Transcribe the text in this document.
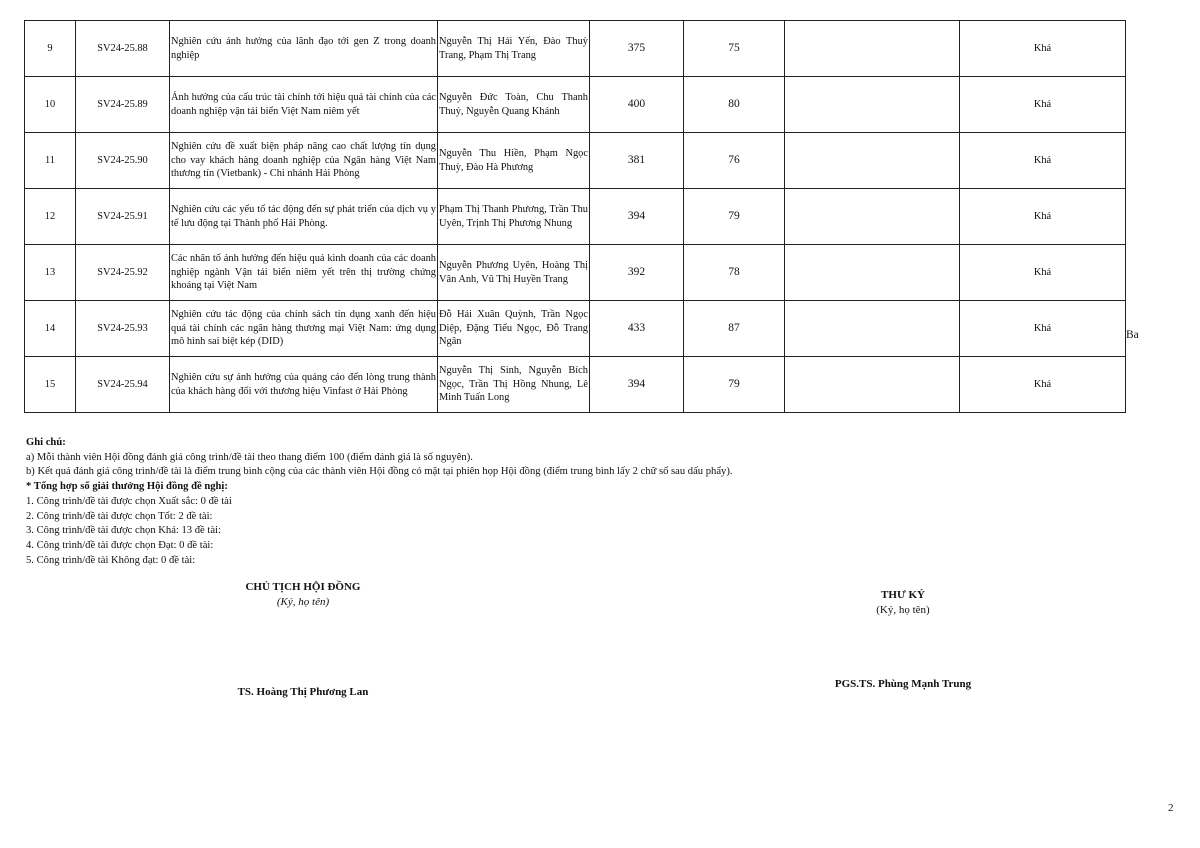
9	SV24-25.88	Nghiên cứu ảnh hưởng của lãnh đạo tới gen Z trong doanh nghiệp	Nguyễn Thị Hải Yến, Đào Thuỳ Trang, Phạm Thị Trang	375	75		Khá
10	SV24-25.89	Ảnh hưởng của cấu trúc tài chính tới hiệu quả tài chính của các doanh nghiệp vận tải biển Việt Nam niêm yết	Nguyễn Đức Toàn, Chu Thanh Thuỷ, Nguyễn Quang Khánh	400	80		Khá
11	SV24-25.90	Nghiên cứu đề xuất biện pháp nâng cao chất lượng tín dụng cho vay khách hàng doanh nghiệp của Ngân hàng Việt Nam thương tín (Vietbank) - Chi nhánh Hải Phòng	Nguyễn Thu Hiền, Phạm Ngọc Thuỳ, Đào Hà Phương	381	76		Khá
12	SV24-25.91	Nghiên cứu các yếu tố tác động đến sự phát triển của dịch vụ y tế lưu động tại Thành phố Hải Phòng.	Phạm Thị Thanh Phương, Trần Thu Uyên, Trịnh Thị Phương Nhung	394	79		Khá
13	SV24-25.92	Các nhân tố ảnh hưởng đến hiệu quả kinh doanh của các doanh nghiệp ngành Vận tải biển niêm yết trên thị trường chứng khoáng tại Việt Nam	Nguyễn Phương Uyên, Hoàng Thị Vân Anh, Vũ Thị Huyền Trang	392	78		Khá
14	SV24-25.93	Nghiên cứu tác động của chính sách tín dụng xanh đến hiệu quả tài chính các ngân hàng thương mại Việt Nam: ứng dụng mô hình sai biệt kép (DID)	Đỗ Hải Xuân Quỳnh, Trần Ngọc Diệp, Đặng Tiểu Ngọc, Đỗ Trang Ngân	433	87		Khá
15	SV24-25.94	Nghiên cứu sự ảnh hưởng của quảng cáo đến lòng trung thành của khách hàng đối với thương hiệu Vinfast ở Hải Phòng	Nguyễn Thị Sinh, Nguyễn Bích Ngọc, Trần Thị Hồng Nhung, Lê Minh Tuấn Long	394	79		Khá
Ba
Ghi chú:
a) Mỗi thành viên Hội đồng đánh giá công trình/đề tài theo thang điểm 100 (điểm đánh giá là số nguyên).
b) Kết quả đánh giá công trình/đề tài là điểm trung bình cộng của các thành viên Hội đồng có mặt tại phiên họp Hội đồng (điểm trung bình lấy 2 chữ số sau dấu phẩy).
* Tổng hợp số giải thưởng Hội đồng đề nghị:
1. Công trình/đề tài được chọn Xuất sắc: 0 đề tài
2. Công trình/đề tài được chọn Tốt: 2 đề tài:
3. Công trình/đề tài được chọn Khá: 13 đề tài:
4. Công trình/đề tài được chọn Đạt: 0 đề tài:
5. Công trình/đề tài Không đạt: 0 đề tài:
CHỦ TỊCH HỘI ĐỒNG
(Ký, họ tên)
THƯ KÝ
(Ký, họ tên)
TS. Hoàng Thị Phương Lan
PGS.TS. Phùng Mạnh Trung
2
